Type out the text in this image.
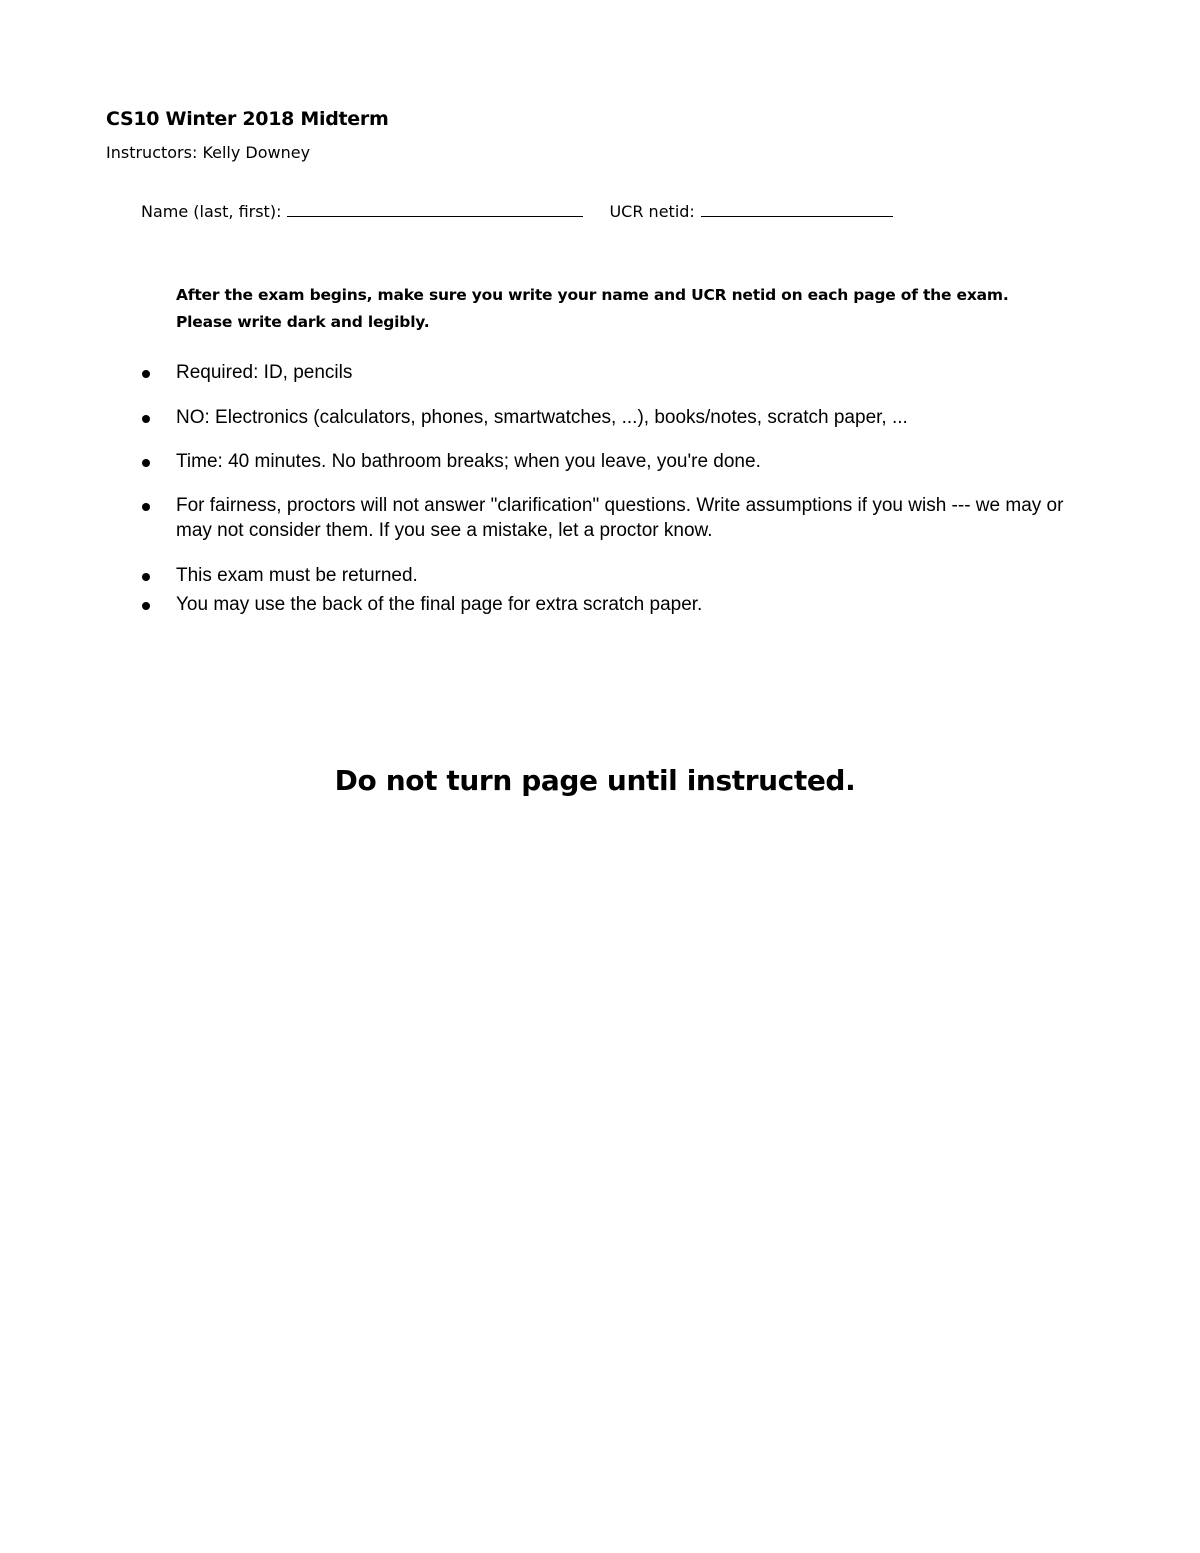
CS10 Winter 2018 Midterm
Instructors: Kelly Downey
Name (last, first):	UCR netid:
After the exam begins, make sure you write your name and UCR netid on each page of the exam.
Please write dark and legibly.
Required: ID, pencils
NO: Electronics (calculators, phones, smartwatches, ...), books/notes, scratch paper, ...
Time: 40 minutes. No bathroom breaks; when you leave, you're done.
For fairness, proctors will not answer "clarification" questions. Write assumptions if you wish --- we may or may not consider them. If you see a mistake, let a proctor know.
This exam must be returned.
You may use the back of the final page for extra scratch paper.
Do not turn page until instructed.
